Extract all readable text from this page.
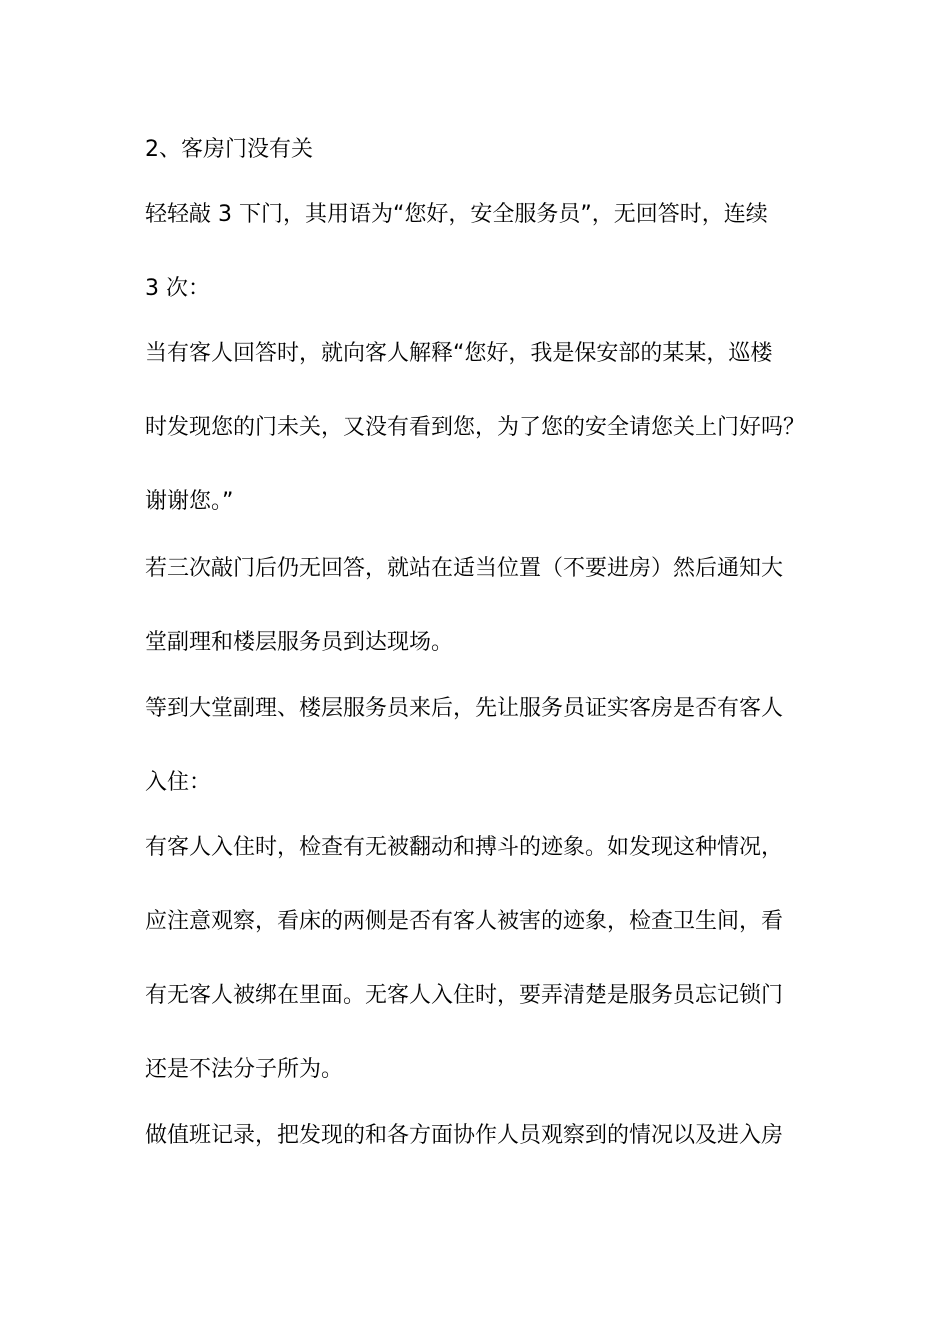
2、客房门没有关
轻轻敲 3 下门，其用语为“您好，安全服务员”，无回答时，连续
3 次：
当有客人回答时，就向客人解释“您好，我是保安部的某某，巡楼
时发现您的门未关，又没有看到您，为了您的安全请您关上门好吗？
谢谢您。”
若三次敲门后仍无回答，就站在适当位置（不要进房）然后通知大
堂副理和楼层服务员到达现场。
等到大堂副理、楼层服务员来后，先让服务员证实客房是否有客人
入住：
有客人入住时，检查有无被翻动和搏斗的迹象。如发现这种情况，
应注意观察，看床的两侧是否有客人被害的迹象，检查卫生间，看
有无客人被绑在里面。无客人入住时，要弄清楚是服务员忘记锁门
还是不法分子所为。
做值班记录，把发现的和各方面协作人员观察到的情况以及进入房
